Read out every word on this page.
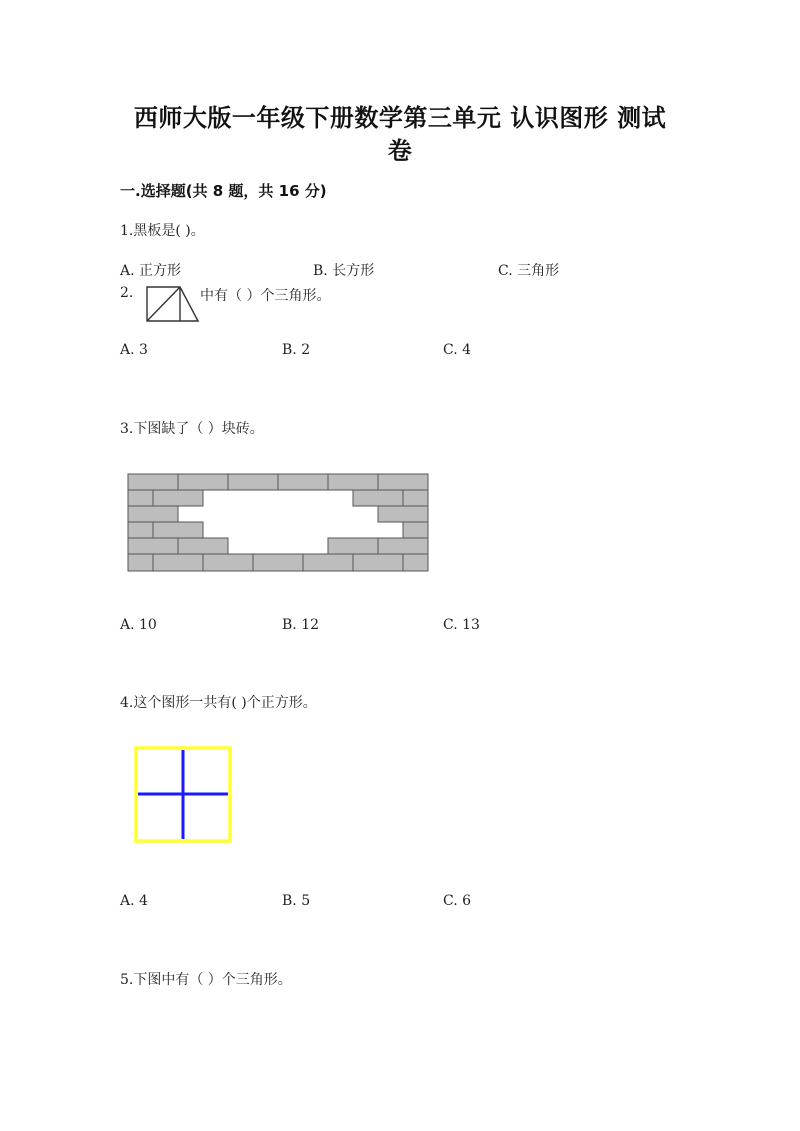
西师大版一年级下册数学第三单元 认识图形 测试
卷
一.选择题(共 8 题，共 16 分)
1.黑板是( )。
A. 正方形	B. 长方形	C. 三角形
2.	中有（ ）个三角形。
A. 3	B. 2	C. 4
3.下图缺了（ ）块砖。
A. 10	B. 12	C. 13
4.这个图形一共有( )个正方形。
A. 4	B. 5	C. 6
5.下图中有（ ）个三角形。
